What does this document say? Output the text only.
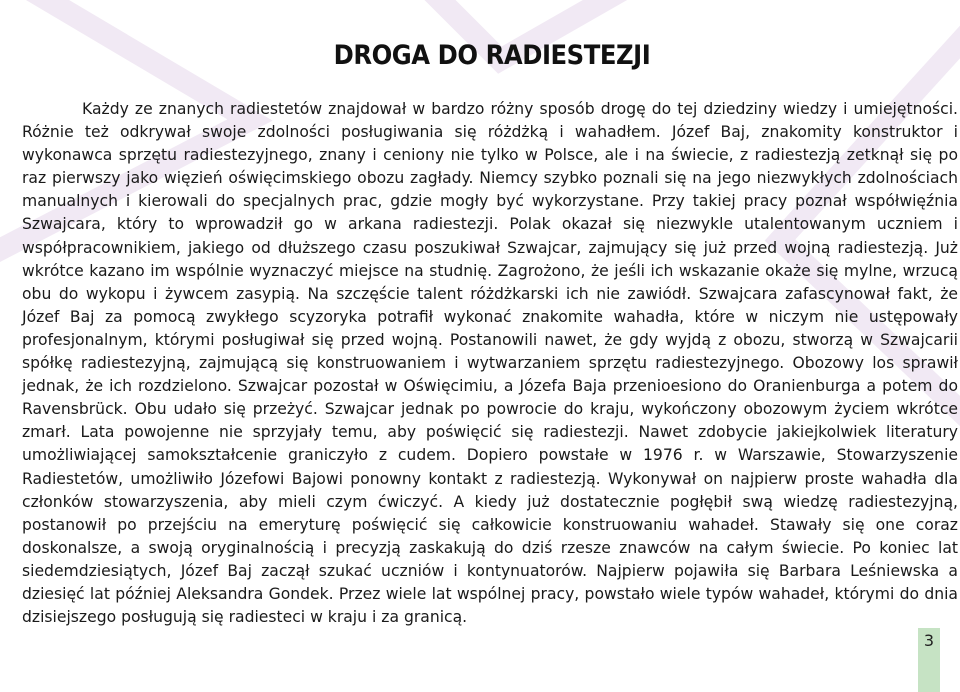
DROGA DO RADIESTEZJI

Każdy ze znanych radiestetów znajdował w bardzo różny sposób drogę do tej dziedziny wiedzy i umiejętności. Różnie też odkrywał swoje zdolności posługiwania się różdżką i wahadłem. Józef Baj, znakomity konstruktor i wykonawca sprzętu radiestezyjnego, znany i ceniony nie tylko w Polsce, ale i na świecie, z radiestezją zetknął się po raz pierwszy jako więzień oświęcimskiego obozu zagłady. Niemcy szybko poznali się na jego niezwykłych zdolnościach manualnych i kierowali do specjalnych prac, gdzie mogły być wykorzystane. Przy takiej pracy poznał współwięźnia Szwajcara, który to wprowadził go w arkana radiestezji. Polak okazał się niezwykle utalentowanym uczniem i współpracownikiem, jakiego od dłuższego czasu poszukiwał Szwajcar, zajmujący się już przed wojną radiestezją. Już wkrótce kazano im wspólnie wyznaczyć miejsce na studnię. Zagrożono, że jeśli ich wskazanie okaże się mylne, wrzucą obu do wykopu i żywcem zasypią. Na szczęście talent różdżkarski ich nie zawiódł. Szwajcara zafascynował fakt, że Józef Baj za pomocą zwykłego scyzoryka potrafił wykonać znakomite wahadła, które w niczym nie ustępowały profesjonalnym, którymi posługiwał się przed wojną. Postanowili nawet, że gdy wyjdą z obozu, stworzą w Szwajcarii spółkę radiestezyjną, zajmującą się konstruowaniem i wytwarzaniem sprzętu radiestezyjnego. Obozowy los sprawił jednak, że ich rozdzielono. Szwajcar pozostał w Oświęcimiu, a Józefa Baja przenioesiono do Oranienburga a potem do Ravensbrück. Obu udało się przeżyć. Szwajcar jednak po powrocie do kraju, wykończony obozowym życiem wkrótce zmarł. Lata powojenne nie sprzyjały temu, aby poświęcić się radiestezji. Nawet zdobycie jakiejkolwiek literatury umożliwiającej samokształcenie graniczyło z cudem. Dopiero powstałe w 1976 r. w Warszawie, Stowarzyszenie Radiestetów, umożliwiło Józefowi Bajowi ponowny kontakt z radiestezją. Wykonywał on najpierw proste wahadła dla członków stowarzyszenia, aby mieli czym ćwiczyć. A kiedy już dostatecznie pogłębił swą wiedzę radiestezyjną, postanowił po przejściu na emeryturę poświęcić się całkowicie konstruowaniu wahadeł. Stawały się one coraz doskonalsze, a swoją oryginalnością i precyzją zaskakują do dziś rzesze znawców na całym świecie. Po koniec lat siedemdziesiątych, Józef Baj zaczął szukać uczniów i kontynuatorów. Najpierw pojawiła się Barbara Leśniewska a dziesięć lat później Aleksandra Gondek. Przez wiele lat wspólnej pracy, powstało wiele typów wahadeł, którymi do dnia dzisiejszego posługują się radiesteci w kraju i za granicą.

3
